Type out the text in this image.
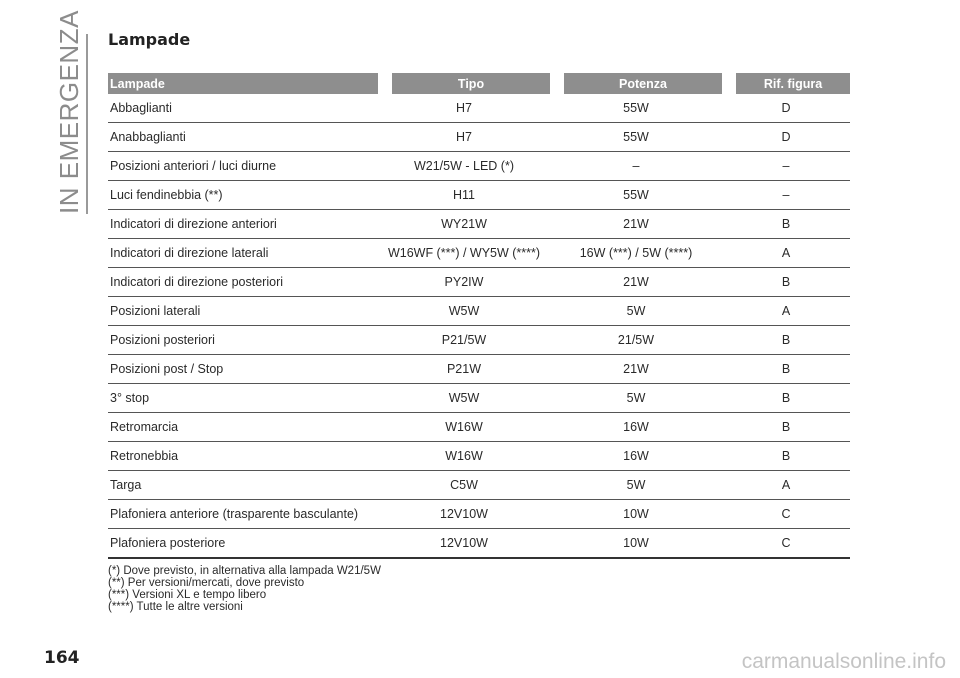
IN EMERGENZA Lampade
Lampade	Tipo	Potenza	Rif. figura
Abbaglianti	H7	55W	D
Anabbaglianti	H7	55W	D
Posizioni anteriori / luci diurne	W21/5W - LED (*)	–	–
Luci fendinebbia (**)	H11	55W	–
Indicatori di direzione anteriori	WY21W	21W	B
Indicatori di direzione laterali	W16WF (***) / WY5W (****)	16W (***) / 5W (****)	A
Indicatori di direzione posteriori	PY2IW	21W	B
Posizioni laterali	W5W	5W	A
Posizioni posteriori	P21/5W	21/5W	B
Posizioni post / Stop	P21W	21W	B
3° stop	W5W	5W	B
Retromarcia	W16W	16W	B
Retronebbia	W16W	16W	B
Targa	C5W	5W	A
Plafoniera anteriore (trasparente basculante)	12V10W	10W	C
Plafoniera posteriore	12V10W	10W	C
(*) Dove previsto, in alternativa alla lampada W21/5W
(**) Per versioni/mercati, dove previsto
(***) Versioni XL e tempo libero
(****) Tutte le altre versioni
164	carmanualsonline.info
